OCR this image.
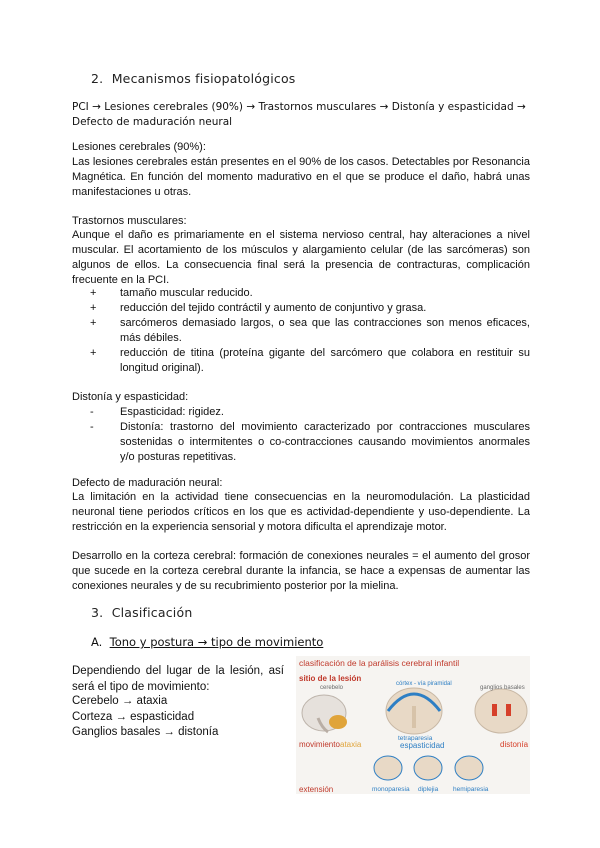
2. Mecanismos fisiopatológicos
PCI → Lesiones cerebrales (90%) → Trastornos musculares → Distonía y espasticidad → Defecto de maduración neural
Lesiones cerebrales (90%):
Las lesiones cerebrales están presentes en el 90% de los casos. Detectables por Resonancia Magnética. En función del momento madurativo en el que se produce el daño, habrá unas manifestaciones u otras.
Trastornos musculares:
Aunque el daño es primariamente en el sistema nervioso central, hay alteraciones a nivel muscular. El acortamiento de los músculos y alargamiento celular (de las sarcómeras) son algunos de ellos. La consecuencia final será la presencia de contracturas, complicación frecuente en la PCI.
+ tamaño muscular reducido.
+ reducción del tejido contráctil y aumento de conjuntivo y grasa.
+ sarcómeros demasiado largos, o sea que las contracciones son menos eficaces, más débiles.
+ reducción de titina (proteína gigante del sarcómero que colabora en restituir su longitud original).
Distonía y espasticidad:
- Espasticidad: rigidez.
- Distonía: trastorno del movimiento caracterizado por contracciones musculares sostenidas o intermitentes o co-contracciones causando movimientos anormales y/o posturas repetitivas.
Defecto de maduración neural:
La limitación en la actividad tiene consecuencias en la neuromodulación. La plasticidad neuronal tiene periodos críticos en los que es actividad-dependiente y uso-dependiente. La restricción en la experiencia sensorial y motora dificulta el aprendizaje motor.
Desarrollo en la corteza cerebral: formación de conexiones neurales = el aumento del grosor que sucede en la corteza cerebral durante la infancia, se hace a expensas de aumentar las conexiones neurales y de su recubrimiento posterior por la mielina.
3. Clasificación
A. Tono y postura → tipo de movimiento
Dependiendo del lugar de la lesión, así será el tipo de movimiento:
Cerebelo → ataxia
Corteza → espasticidad
Ganglios basales → distonía
clasificación de la parálisis cerebral infantil
sitio de la lesión
movimiento
extensión
cerebelo
córtex - vía piramidal
ganglios basales
tetraparesia
ataxia	espasticidad	distonía
monoparesia diplejia hemiparesia
